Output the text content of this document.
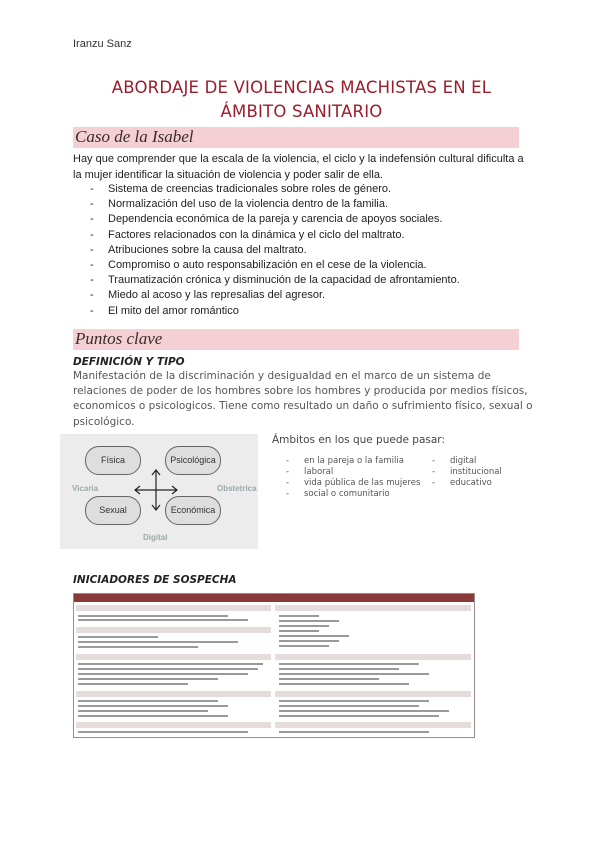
Iranzu Sanz
ABORDAJE DE VIOLENCIAS MACHISTAS EN EL
ÁMBITO SANITARIO
Caso de la Isabel
Hay que comprender que la escala de la violencia, el ciclo y la indefensión cultural dificulta a la mujer identificar la situación de violencia y poder salir de ella.
- Sistema de creencias tradicionales sobre roles de género.
- Normalización del uso de la violencia dentro de la familia.
- Dependencia económica de la pareja y carencia de apoyos sociales.
- Factores relacionados con la dinámica y el ciclo del maltrato.
- Atribuciones sobre la causa del maltrato.
- Compromiso o auto responsabilización en el cese de la violencia.
- Traumatización crónica y disminución de la capacidad de afrontamiento.
- Miedo al acoso y las represalias del agresor.
- El mito del amor romántico
Puntos clave
DEFINICIÓN Y TIPO
Manifestación de la discriminación y desigualdad en el marco de un sistema de relaciones de poder de los hombres sobre los hombres y producida por medios físicos, economicos o psicologicos. Tiene como resultado un daño o sufrimiento físico, sexual o psicológico.
Física	Psicológica
Sexual	Económica
Vicaria	Obstetrica
Digital
Ámbitos en los que puede pasar:
- en la pareja o la familia
- laboral
- vida pública de las mujeres
- social o comunitario
- digital
- institucional
- educativo
INICIADORES DE SOSPECHA
